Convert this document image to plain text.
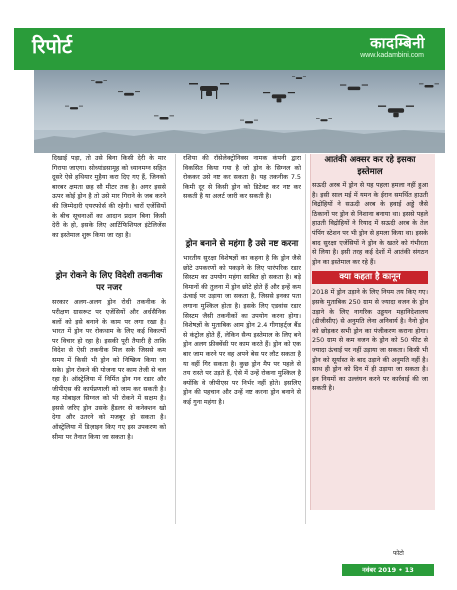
रिपोर्ट	कादम्बिनी
www.kadambini.com

दिखाई पड़ा, तो उसे बिना किसी देरी के मार गिराया जाएगा। सोध्यांडसामूह को ध्यानमग्न सहित दूसरे ऐसे हथियार मुहैया करा दिए गए हैं, जिनको बारबर क्षमता छह सौ मीटर तक है। अगर इससे ऊपर कोई ड्रोन है तो उसे मार गिराने के जब करने की जिम्मेदारी एयरफोर्स की रहेगी। चारों एजेंसियों के बीच सूचनाओं का आदान प्रदान बिना किसी देरी के हो, इसके लिए आर्टिफिशियल इंटेलिजेंस का इस्तेमाल शुरू किया जा रहा है।

ड्रोन रोकने के लिए विदेशी तकनीक पर नजर

सरकार अलग-अलग ड्रोन रोधी तकनीक के परीक्षण ग्रासरूट पर एजेंसियों और अर्धसैनिक बलों को इसे बनाने के काम पर लगा रखा है। भारत में ड्रोन पर रोकथाम के लिए कई विकल्पों पर विचार हो रहा है। इसकी पूरी तैयारी है ताकि विदेश से ऐसी तकनीक मिल सके जिससे कम समय में किसी भी ड्रोन को निष्क्रिय किया जा सके। ड्रोन रोकने की योजना पर काम तेजी से चल रहा है। ऑस्ट्रेलिया में निर्मित ड्रोन गन रडार और जीपीएस की कार्यप्रणाली को जाम कर सकती है। यह मोबाइल सिग्नल को भी रोकने में सक्षम है। इससे जरिए ड्रोन उसके हैंडलर से कनेक्शन खो देगा और उतरने को मजबूर हो सकता है। ऑस्ट्रेलिया में डिज़ाइन किए गए इस उपकरण को सीमा पर तैनात किया जा सकता है।

रशिया की रॉसेलेक्ट्रोनिक्स नामक कंपनी द्वारा विकसित किया गया है जो ड्रोन के सिग्नल को रोककर उसे नष्ट कर सकता है। यह तकनीक 7.5 किमी दूर से किसी ड्रोन को डिटेक्ट कर नष्ट कर सकती है या अलर्ट जारी कर सकती है।

ड्रोन बनाने से महंगा है उसे नष्ट करना

भारतीय सुरक्षा विशेषज्ञों का कहना है कि ड्रोन जैसे छोटे उपकरणों को पकड़ने के लिए पारंपरिक रडार सिस्टम का उपयोग महंगा साबित हो सकता है। बड़े विमानों की तुलना में ड्रोन छोटे होते हैं और इन्हें कम ऊंचाई पर उड़ाया जा सकता है, जिससे इनका पता लगाना मुश्किल होता है। इसके लिए एडवांस रडार सिस्टम जैसी तकनीकों का उपयोग करना होगा। विशेषज्ञों के मुताबिक आम ड्रोन 2.4 गीगाहर्ट्ज बैंड से कंट्रोल होते हैं, लेकिन सैन्य इस्तेमाल के लिए बने ड्रोन अलग फ्रीक्वेंसी पर काम करते हैं। ड्रोन को एक बार जाम करने पर वह अपने बेस पर लौट सकता है या वहीं गिर सकता है। कुछ ड्रोन मैप पर पहले से तय रास्ते पर उड़ते हैं, ऐसे में उन्हें रोकना मुश्किल है क्योंकि वे जीपीएस पर निर्भर नहीं होते। इसलिए ड्रोन की पहचान और उन्हें नष्ट करना ड्रोन बनाने से कई गुना महंगा है।

आतंकी अक्सर कर रहे इसका इस्तेमाल

सऊदी अरब में ड्रोन से यह पहला हमला नहीं हुआ है। इसी साल मई में यमन के ईरान समर्थित हाउती विद्रोहियों ने सऊदी अरब के हवाई अड्डे जैसे ठिकानों पर ड्रोन से निशाना बनाया था। इससे पहले हाउती विद्रोहियों ने रियाद में सऊदी अरब के तेल पंपिंग स्टेशन पर भी ड्रोन से हमला किया था। इसके बाद सुरक्षा एजेंसियों ने ड्रोन के खतरे को गंभीरता से लिया है। इसी तरह कई देशों में आतंकी संगठन ड्रोन का इस्तेमाल कर रहे हैं।

क्या कहता है कानून

2018 में ड्रोन उड़ाने के लिए नियम तय किए गए। इसके मुताबिक 250 ग्राम से ज्यादा वजन के ड्रोन उड़ाने के लिए नागरिक उड्डयन महानिदेशालय (डीजीसीए) से अनुमति लेना अनिवार्य है। नैनो ड्रोन को छोड़कर सभी ड्रोन का पंजीकरण कराना होगा। 250 ग्राम से कम वजन के ड्रोन को 50 फीट से ज्यादा ऊंचाई पर नहीं उड़ाया जा सकता। किसी भी ड्रोन को सूर्यास्त के बाद उड़ाने की अनुमति नहीं है। साथ ही ड्रोन को दिन में ही उड़ाया जा सकता है। इन नियमों का उल्लंघन करने पर कार्रवाई की जा सकती है।

फोटो
नवंबर 2019 • 13
